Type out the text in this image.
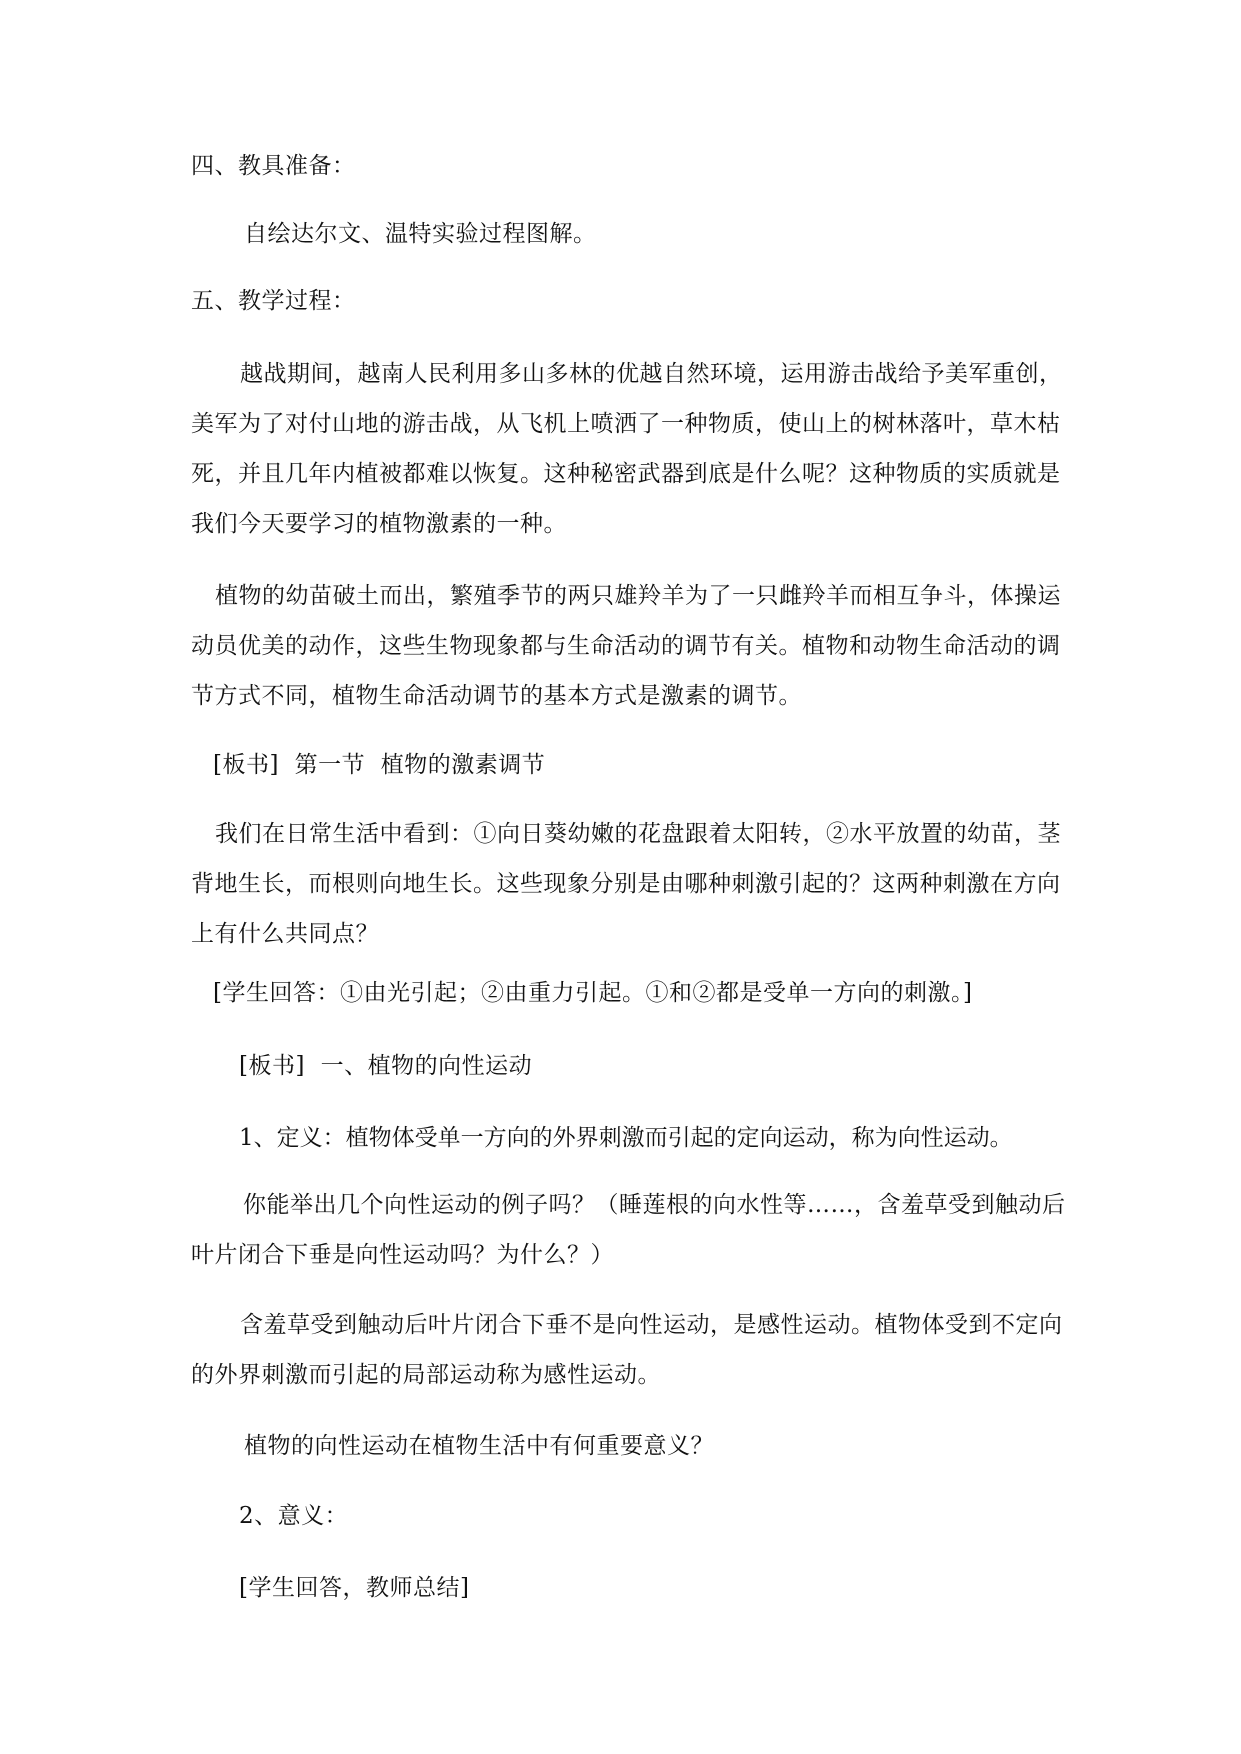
四、教具准备：

自绘达尔文、温特实验过程图解。

五、教学过程：

越战期间，越南人民利用多山多林的优越自然环境，运用游击战给予美军重创，美军为了对付山地的游击战，从飞机上喷洒了一种物质，使山上的树林落叶，草木枯死，并且几年内植被都难以恢复。这种秘密武器到底是什么呢？这种物质的实质就是我们今天要学习的植物激素的一种。

植物的幼苗破土而出，繁殖季节的两只雄羚羊为了一只雌羚羊而相互争斗，体操运动员优美的动作，这些生物现象都与生命活动的调节有关。植物和动物生命活动的调节方式不同，植物生命活动调节的基本方式是激素的调节。

[板书]  第一节  植物的激素调节

我们在日常生活中看到：①向日葵幼嫩的花盘跟着太阳转，②水平放置的幼苗，茎背地生长，而根则向地生长。这些现象分别是由哪种刺激引起的？这两种刺激在方向上有什么共同点？

[学生回答：①由光引起；②由重力引起。①和②都是受单一方向的刺激。]

[板书]  一、植物的向性运动

1、定义：植物体受单一方向的外界刺激而引起的定向运动，称为向性运动。

你能举出几个向性运动的例子吗？（睡莲根的向水性等……，含羞草受到触动后叶片闭合下垂是向性运动吗？为什么？）

含羞草受到触动后叶片闭合下垂不是向性运动，是感性运动。植物体受到不定向的外界刺激而引起的局部运动称为感性运动。

植物的向性运动在植物生活中有何重要意义？

2、意义：

[学生回答，教师总结]
